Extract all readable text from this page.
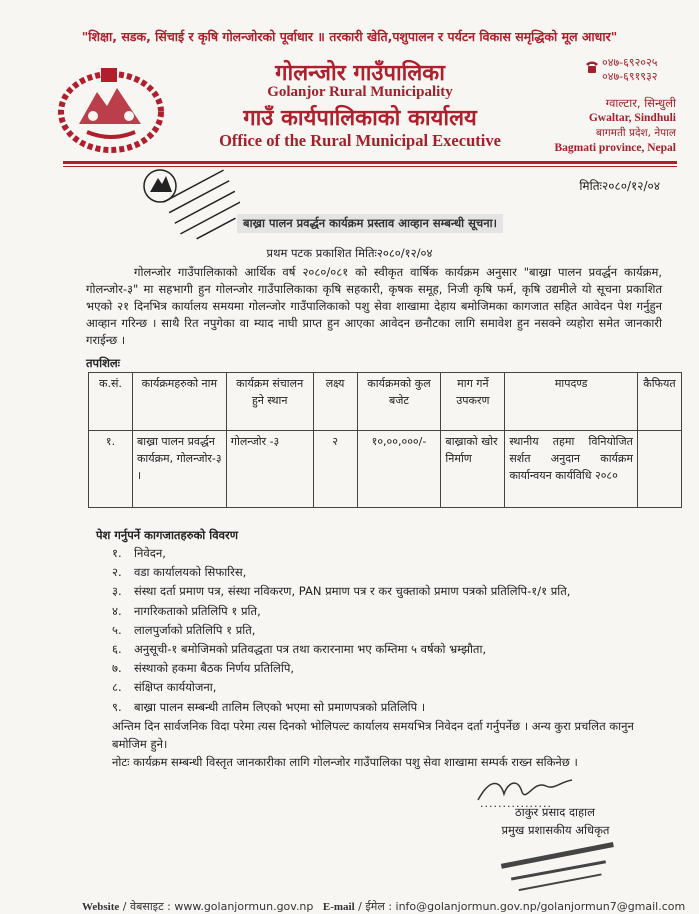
"शिक्षा, सडक, सिंचाई र कृषि गोलन्जोरको पूर्वाधार ॥ तरकारी खेति,पशुपालन र पर्यटन विकास समृद्धिको मूल आधार"
गोलन्जोर गाउँपालिका
Golanjor Rural Municipality
गाउँ कार्यपालिकाको कार्यालय
Office of the Rural Municipal Executive
०४७-६९२०२५
०४७-६९१९३२
ग्वाल्टार, सिन्धुली
Gwaltar, Sindhuli
बागमती प्रदेश, नेपाल
Bagmati province, Nepal
मितिः२०८०/१२/०४
बाख्रा पालन प्रवर्द्धन कार्यक्रम प्रस्ताव आव्हान सम्बन्धी सूचना।
प्रथम पटक प्रकाशित मितिः२०८०/१२/०४
गोलन्जोर गाउँपालिकाको आर्थिक वर्ष २०८०/०८१ को स्वीकृत वार्षिक कार्यक्रम अनुसार "बाख्रा पालन प्रवर्द्धन कार्यक्रम, गोलन्जोर-३" मा सहभागी हुन गोलन्जोर गाउँपालिकाका कृषि सहकारी, कृषक समूह, निजी कृषि फर्म, कृषि उद्यमीले यो सूचना प्रकाशित भएको २१ दिनभित्र कार्यालय समयमा गोलन्जोर गाउँपालिकाको पशु सेवा शाखामा देहाय बमोजिमका कागजात सहित आवेदन पेश गर्नुहुन आव्हान गरिन्छ । साथै रित नपुगेका वा म्याद नाघी प्राप्त हुन आएका आवेदन छनौटका लागि समावेश हुन नसक्ने व्यहोरा समेत जानकारी गराईन्छ ।
तपशिलः
क.सं.	कार्यक्रमहरुको नाम	कार्यक्रम संचालन हुने स्थान	लक्ष्य	कार्यक्रमको कुल बजेट	माग गर्ने उपकरण	मापदण्ड	कैफियत
१.	बाख्रा पालन प्रवर्द्धन कार्यक्रम, गोलन्जोर-३ ।	गोलन्जोर -३	२	१०,००,०००/-	बाख्राको खोर निर्माण	स्थानीय तहमा विनियोजित सर्शत अनुदान कार्यक्रम कार्यान्वयन कार्यविधि २०८०	
पेश गर्नुपर्ने कागजातहरुको विवरण
१. निवेदन,
२. वडा कार्यालयको सिफारिस,
३. संस्था दर्ता प्रमाण पत्र, संस्था नविकरण, PAN प्रमाण पत्र र कर चुक्ताको प्रमाण पत्रको प्रतिलिपि-१/१ प्रति,
४. नागरिकताको प्रतिलिपि १ प्रति,
५. लालपुर्जाको प्रतिलिपि १ प्रति,
६. अनुसूची-१ बमोजिमको प्रतिवद्धता पत्र तथा करारनामा भए कम्तिमा ५ वर्षको भ्रम्झौता,
७. संस्थाको हकमा बैठक निर्णय प्रतिलिपि,
८. संक्षिप्त कार्ययोजना,
९. बाख्रा पालन सम्बन्धी तालिम लिएको भएमा सो प्रमाणपत्रको प्रतिलिपि ।
अन्तिम दिन सार्वजनिक विदा परेमा त्यस दिनको भोलिपल्ट कार्यालय समयभित्र निवेदन दर्ता गर्नुपर्नेछ । अन्य कुरा प्रचलित कानुन बमोजिम हुने।
नोटः कार्यक्रम सम्बन्धी विस्तृत जानकारीका लागि गोलन्जोर गाउँपालिका पशु सेवा शाखामा सम्पर्क राख्न सकिनेछ ।
................
ठाकुर प्रसाद दाहाल
प्रमुख प्रशासकीय अधिकृत
Website / वेबसाइट : www.golanjormun.gov.np E-mail / ईमेल : info@golanjormun.gov.np/golanjormun7@gmail.com
